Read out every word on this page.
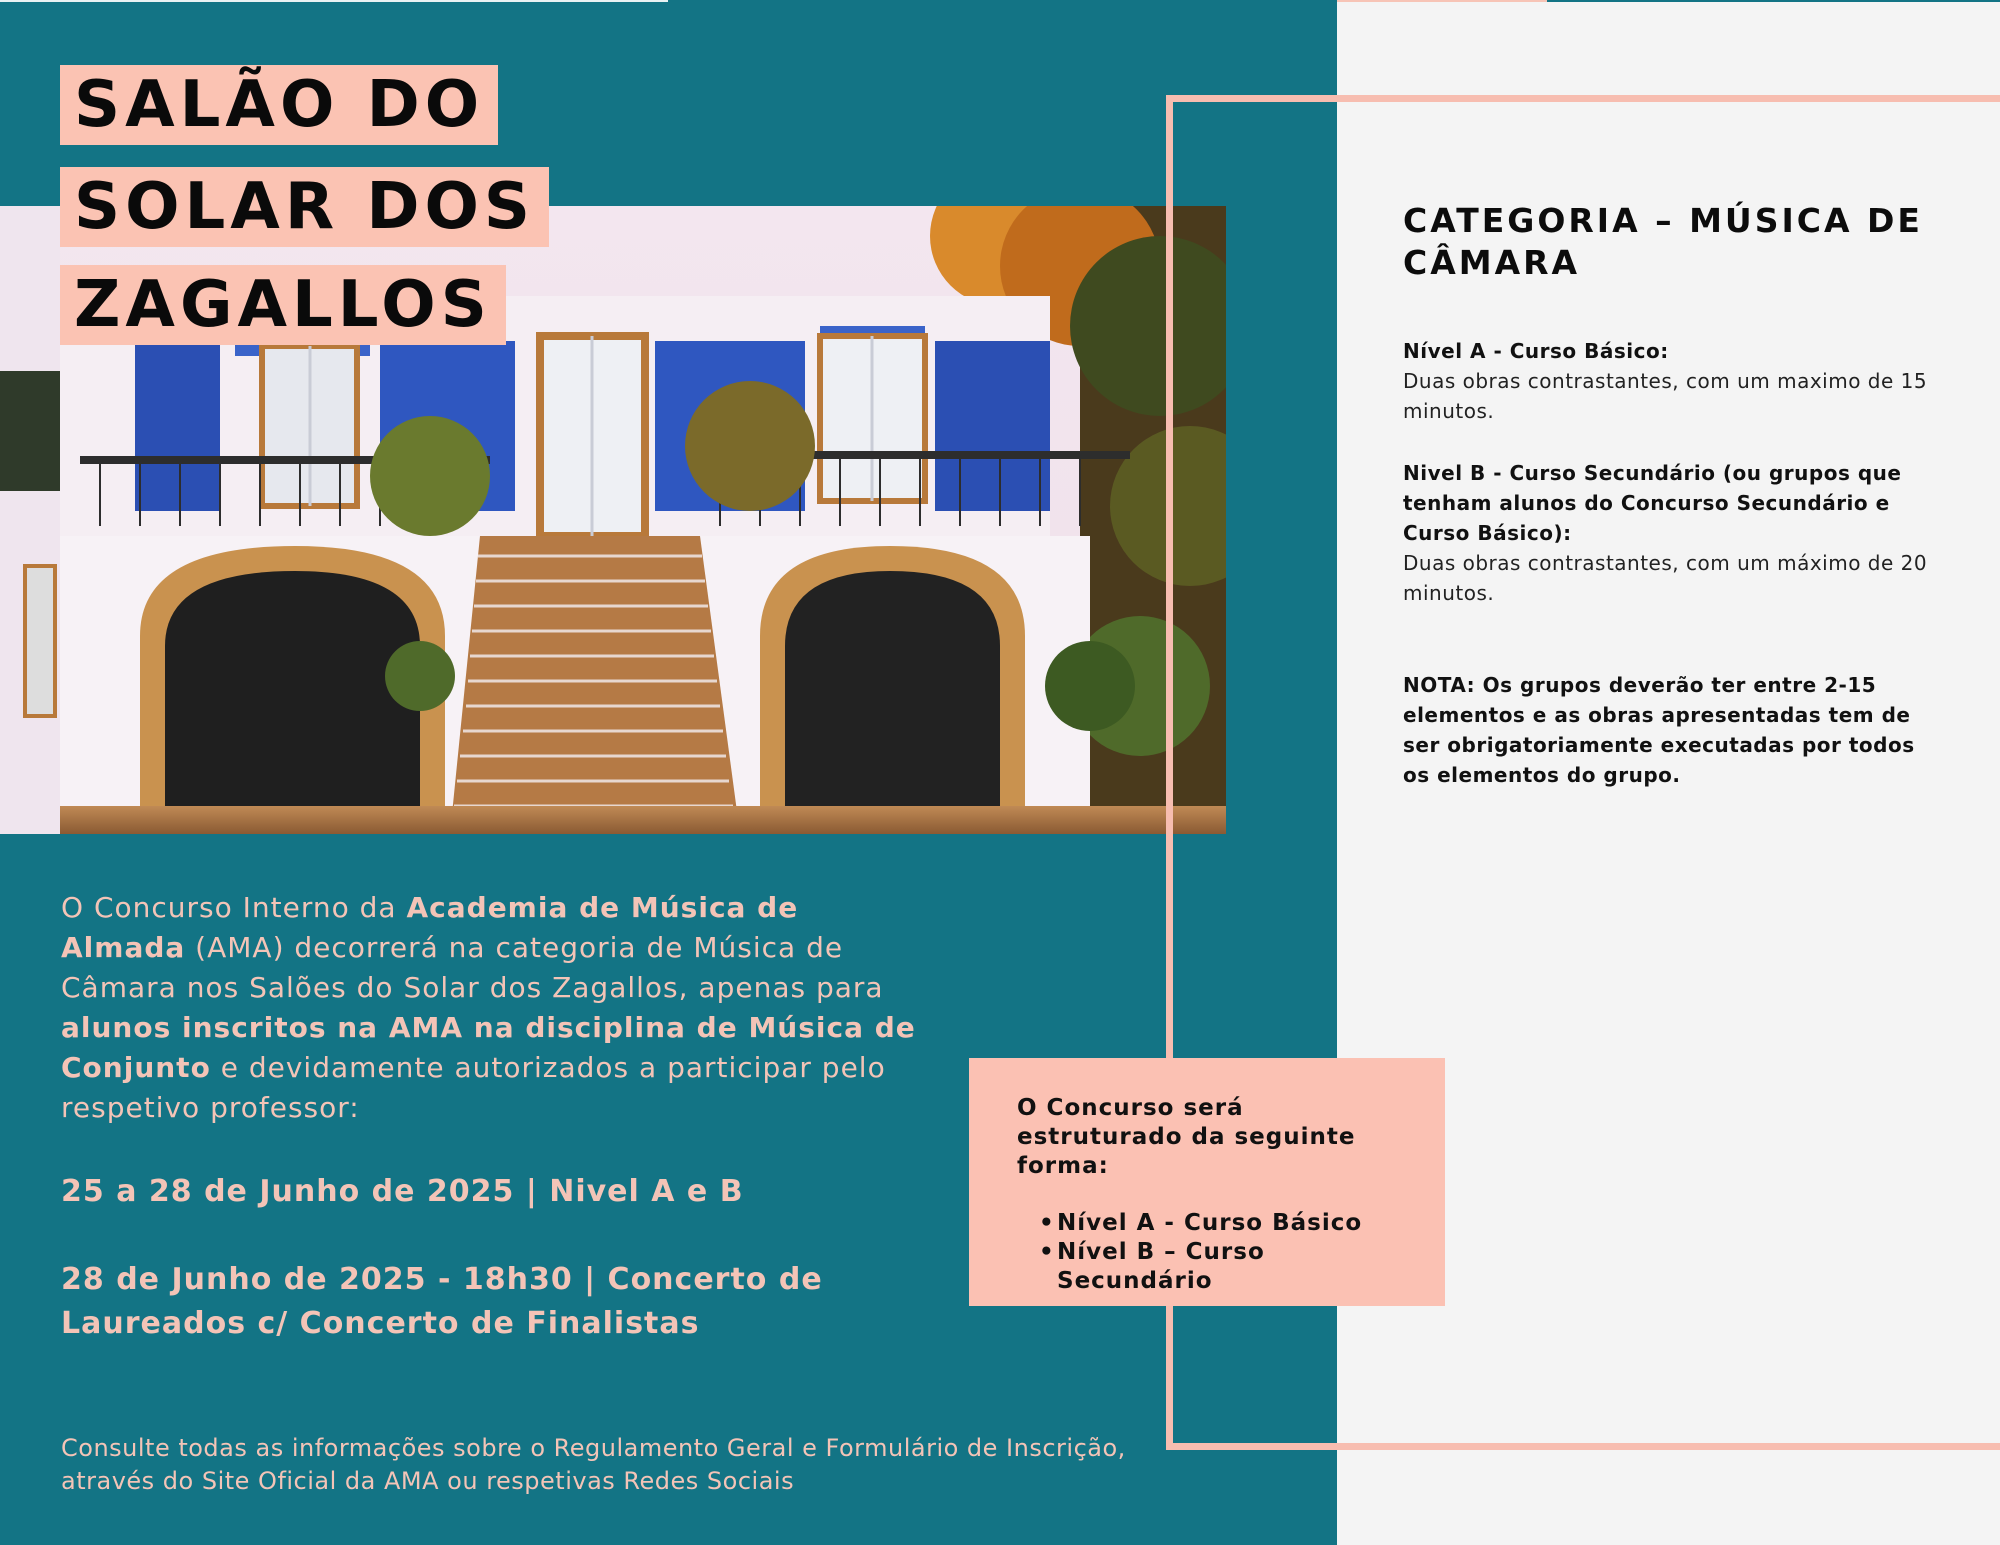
SALÃO DO
SOLAR DOS
ZAGALLOS
O Concurso Interno da Academia de Música de Almada (AMA) decorrerá na categoria de Música de Câmara nos Salões do Solar dos Zagallos, apenas para alunos inscritos na AMA na disciplina de Música de Conjunto e devidamente autorizados a participar pelo respetivo professor:
25 a 28 de Junho de 2025 | Nivel A e B
28 de Junho de 2025 - 18h30 | Concerto de Laureados c/ Concerto de Finalistas
Consulte todas as informações sobre o Regulamento Geral e Formulário de Inscrição, através do Site Oficial da AMA ou respetivas Redes Sociais
O Concurso será estruturado da seguinte forma:
• Nível A - Curso Básico
• Nível B – Curso Secundário
CATEGORIA – MÚSICA DE CÂMARA
Nível A - Curso Básico:
Duas obras contrastantes, com um maximo de 15 minutos.
Nivel B - Curso Secundário (ou grupos que tenham alunos do Concurso Secundário e Curso Básico):
Duas obras contrastantes, com um máximo de 20 minutos.
NOTA: Os grupos deverão ter entre 2-15 elementos e as obras apresentadas tem de ser obrigatoriamente executadas por todos os elementos do grupo.
